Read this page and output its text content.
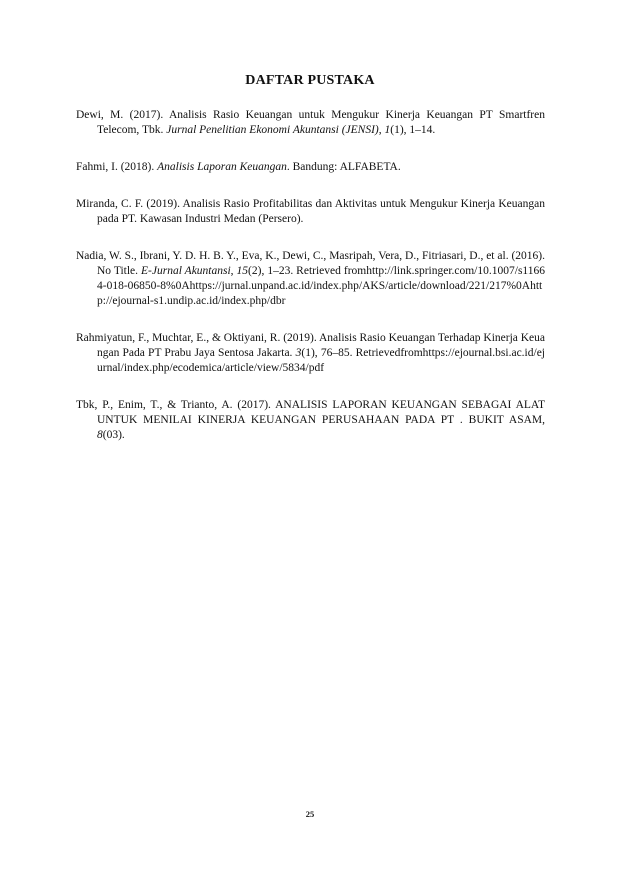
DAFTAR PUSTAKA

Dewi, M. (2017). Analisis Rasio Keuangan untuk Mengukur Kinerja Keuangan PT Smartfren Telecom, Tbk. Jurnal Penelitian Ekonomi Akuntansi (JENSI), 1(1), 1–14.

Fahmi, I. (2018). Analisis Laporan Keuangan. Bandung: ALFABETA.

Miranda, C. F. (2019). Analisis Rasio Profitabilitas dan Aktivitas untuk Mengukur Kinerja Keuangan pada PT. Kawasan Industri Medan (Persero).

Nadia, W. S., Ibrani, Y. D. H. B. Y., Eva, K., Dewi, C., Masripah, Vera, D., Fitriasari, D., et al. (2016). No Title. E-Jurnal Akuntansi, 15(2), 1–23. Retrieved fromhttp://link.springer.com/10.1007/s11664-018-06850-8%0Ahttps://jurnal.unpand.ac.id/index.php/AKS/article/download/221/217%0Ahttp://ejournal-s1.undip.ac.id/index.php/dbr

Rahmiyatun, F., Muchtar, E., & Oktiyani, R. (2019). Analisis Rasio Keuangan Terhadap Kinerja Keuangan Pada PT Prabu Jaya Sentosa Jakarta. 3(1), 76–85. Retrievedfromhttps://ejournal.bsi.ac.id/ejurnal/index.php/ecodemica/article/view/5834/pdf

Tbk, P., Enim, T., & Trianto, A. (2017). ANALISIS LAPORAN KEUANGAN SEBAGAI ALAT UNTUK MENILAI KINERJA KEUANGAN PERUSAHAAN PADA PT . BUKIT ASAM, 8(03).

25
